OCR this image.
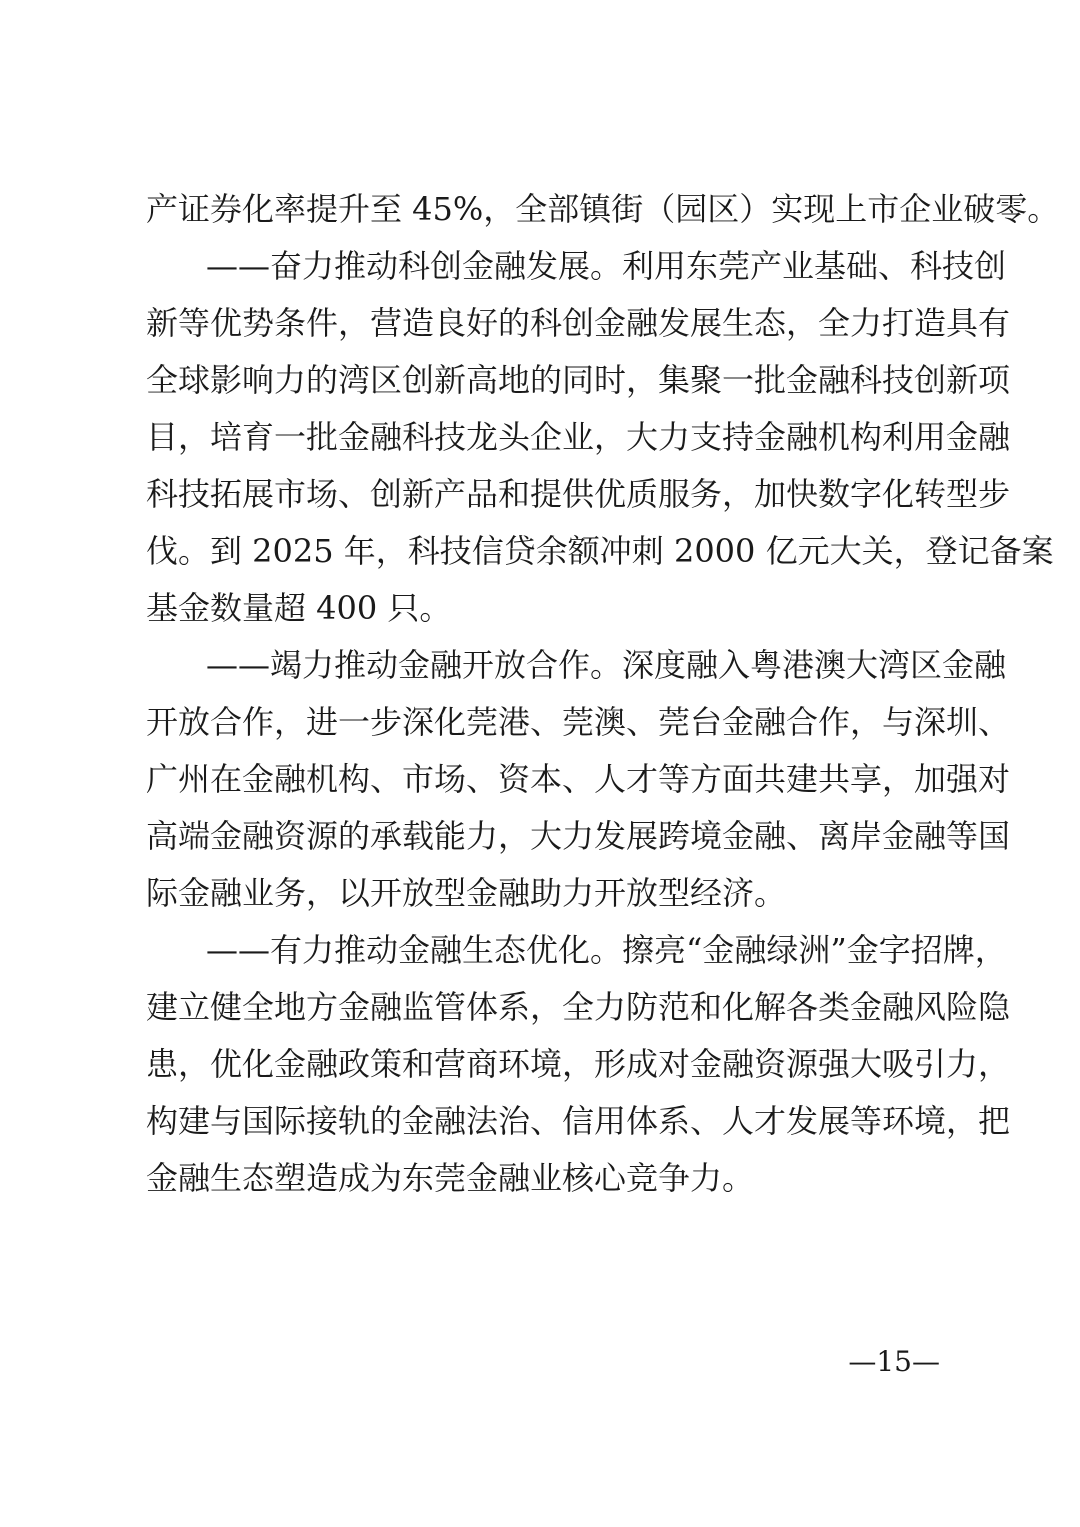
产证券化率提升至 45%，全部镇街（园区）实现上市企业破零。
——奋力推动科创金融发展。利用东莞产业基础、科技创
新等优势条件，营造良好的科创金融发展生态，全力打造具有
全球影响力的湾区创新高地的同时，集聚一批金融科技创新项
目，培育一批金融科技龙头企业，大力支持金融机构利用金融
科技拓展市场、创新产品和提供优质服务，加快数字化转型步
伐。到 2025 年，科技信贷余额冲刺 2000 亿元大关，登记备案
基金数量超 400 只。
——竭力推动金融开放合作。深度融入粤港澳大湾区金融
开放合作，进一步深化莞港、莞澳、莞台金融合作，与深圳、
广州在金融机构、市场、资本、人才等方面共建共享，加强对
高端金融资源的承载能力，大力发展跨境金融、离岸金融等国
际金融业务，以开放型金融助力开放型经济。
——有力推动金融生态优化。擦亮“金融绿洲”金字招牌，
建立健全地方金融监管体系，全力防范和化解各类金融风险隐
患，优化金融政策和营商环境，形成对金融资源强大吸引力，
构建与国际接轨的金融法治、信用体系、人才发展等环境，把
金融生态塑造成为东莞金融业核心竞争力。
—15—
